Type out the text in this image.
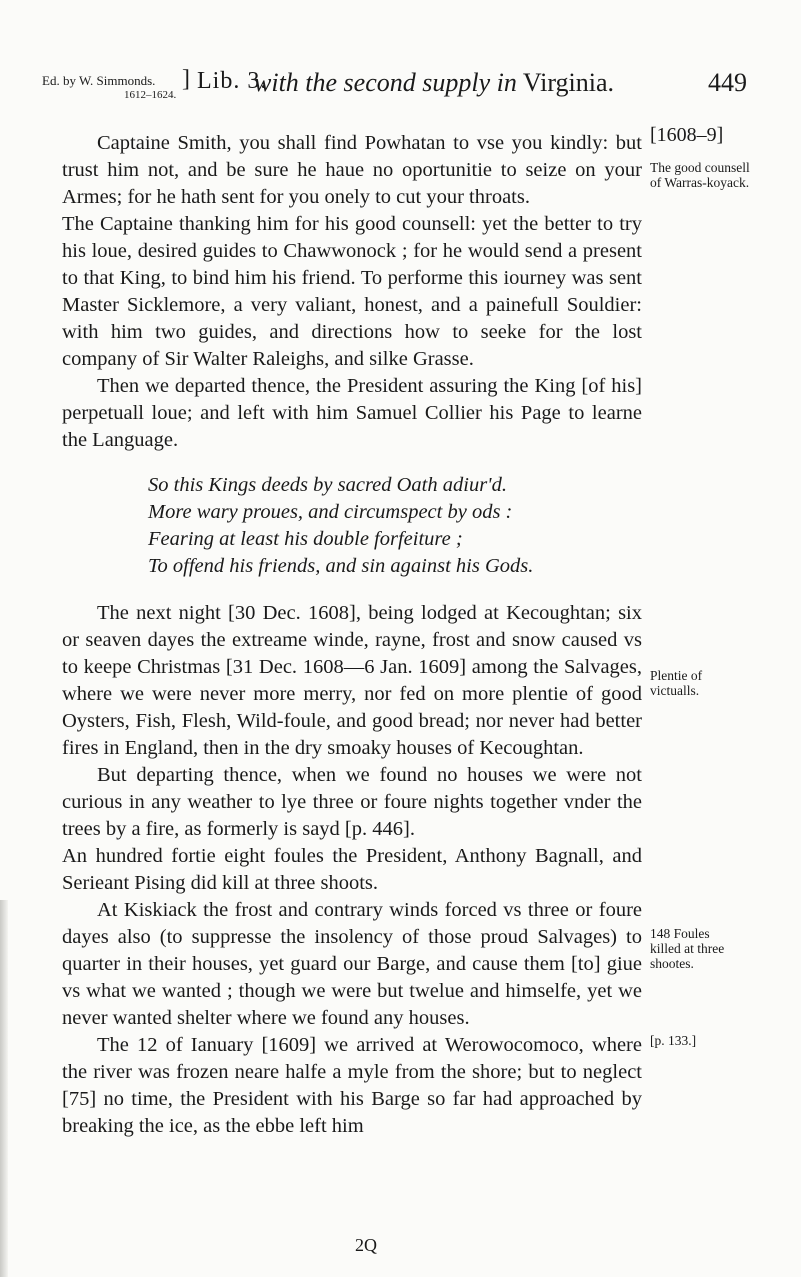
Ed. by W. Simmonds.
1612–1624.
] Lib. 3.
with the second supply in Virginia.	449
[1608–9]
The good counsell of Warras-koyack.
Plentie of victualls.
148 Foules killed at three shootes.
[p. 133.]

Captaine Smith, you shall find Powhatan to vse you kindly: but trust him not, and be sure he haue no oportunitie to seize on your Armes; for he hath sent for you onely to cut your throats.

The Captaine thanking him for his good counsell: yet the better to try his loue, desired guides to Chawwonock ; for he would send a present to that King, to bind him his friend. To performe this iourney was sent Master Sicklemore, a very valiant, honest, and a painefull Souldier: with him two guides, and directions how to seeke for the lost company of Sir Walter Raleighs, and silke Grasse.

Then we departed thence, the President assuring the King [of his] perpetuall loue; and left with him Samuel Collier his Page to learne the Language.

So this Kings deeds by sacred Oath adiur'd.
More wary proues, and circumspect by ods :
Fearing at least his double forfeiture ;
To offend his friends, and sin against his Gods.

The next night [30 Dec. 1608], being lodged at Kecoughtan; six or seaven dayes the extreame winde, rayne, frost and snow caused vs to keepe Christmas [31 Dec. 1608—6 Jan. 1609] among the Salvages, where we were never more merry, nor fed on more plentie of good Oysters, Fish, Flesh, Wild-foule, and good bread; nor never had better fires in England, then in the dry smoaky houses of Kecoughtan.

But departing thence, when we found no houses we were not curious in any weather to lye three or foure nights together vnder the trees by a fire, as formerly is sayd [p. 446].

An hundred fortie eight foules the President, Anthony Bagnall, and Serieant Pising did kill at three shoots.

At Kiskiack the frost and contrary winds forced vs three or foure dayes also (to suppresse the insolency of those proud Salvages) to quarter in their houses, yet guard our Barge, and cause them [to] giue vs what we wanted ; though we were but twelue and himselfe, yet we never wanted shelter where we found any houses.

The 12 of Ianuary [1609] we arrived at Werowocomoco, where the river was frozen neare halfe a myle from the shore; but to neglect [75] no time, the President with his Barge so far had approached by breaking the ice, as the ebbe left him

2Q
